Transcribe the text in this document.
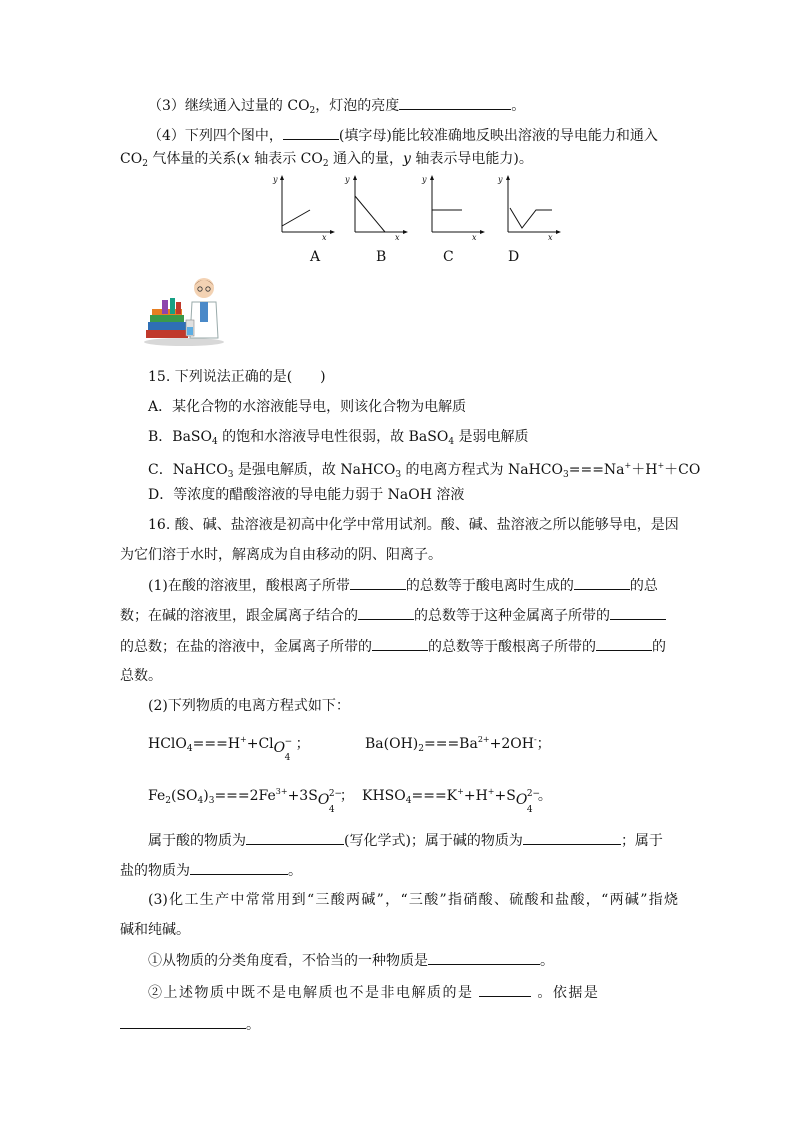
（3）继续通入过量的 $CO_2$，灯泡的亮度	。
（4）下列四个图中，	(填字母)能比较准确地反映出溶液的导电能力和通入
$CO_2$ 气体量的关系(x 轴表示 $CO_2$ 通入的量，y 轴表示导电能力)。
y
x
y
x
y
x
y
x
A	B	C	D
15. 下列说法正确的是(　　)
A．某化合物的水溶液能导电，则该化合物为电解质
B．BaSO$_4$ 的饱和水溶液导电性很弱，故 BaSO$_4$ 是弱电解质
C．NaHCO$_3$ 是强电解质，故 NaHCO$_3$ 的电离方程式为 NaHCO$_3$===Na+＋H+＋CO
D．等浓度的醋酸溶液的导电能力弱于 NaOH 溶液
16. 酸、碱、盐溶液是初高中化学中常用试剂。酸、碱、盐溶液之所以能够导电，是因
为它们溶于水时，解离成为自由移动的阴、阳离子。
(1)在酸的溶液里，酸根离子所带	的总数等于酸电离时生成的	的总
数；在碱的溶液里，跟金属离子结合的	的总数等于这种金属离子所带的
的总数；在盐的溶液中，金属离子所带的	的总数等于酸根离子所带的	的
总数。
(2)下列物质的电离方程式如下：
HClO$_4$===H++Cl O −
4
；	$Ba(OH)_2===Ba^{2+}+2OH^-$；
$Fe_2(SO_4)_3===2Fe^{3+}+3S$ O 2−
4
； $KHSO_4===K^++H^++S$ O 2−
4
。
属于酸的物质为	(写化学式)；属于碱的物质为	；属于
盐的物质为	。
(3)化工生产中常常用到“三酸两碱”，“三酸”指硝酸、硫酸和盐酸，“两碱”指烧
碱和纯碱。
①从物质的分类角度看，不恰当的一种物质是	。
②上述物质中既不是电解质也不是非电解质的是	。依据是
。
